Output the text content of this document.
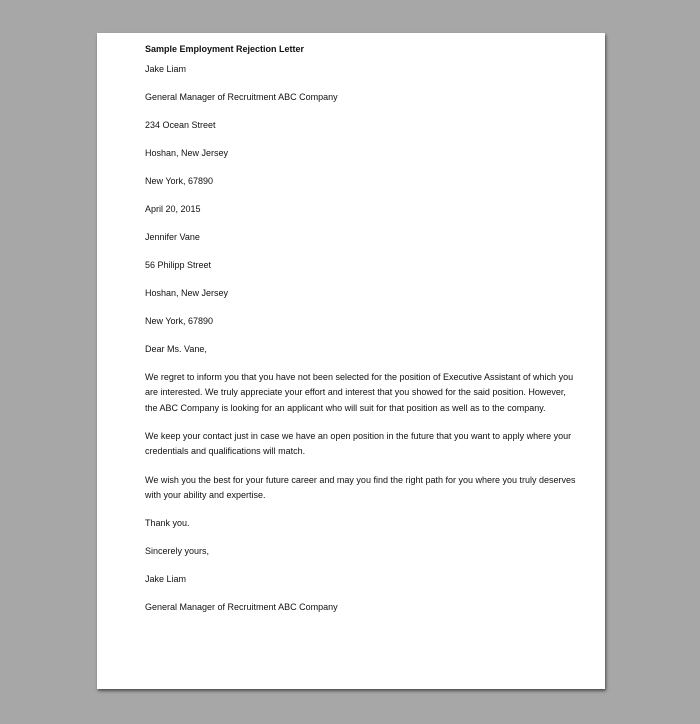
Sample Employment Rejection Letter
Jake Liam
General Manager of Recruitment ABC Company
234 Ocean Street
Hoshan, New Jersey
New York, 67890
April 20, 2015
Jennifer Vane
56 Philipp Street
Hoshan, New Jersey
New York, 67890
Dear Ms. Vane,
We regret to inform you that you have not been selected for the position of Executive Assistant of which you
are interested. We truly appreciate your effort and interest that you showed for the said position. However,
the ABC Company is looking for an applicant who will suit for that position as well as to the company.
We keep your contact just in case we have an open position in the future that you want to apply where your
credentials and qualifications will match.
We wish you the best for your future career and may you find the right path for you where you truly deserves
with your ability and expertise.
Thank you.
Sincerely yours,
Jake Liam
General Manager of Recruitment ABC Company
